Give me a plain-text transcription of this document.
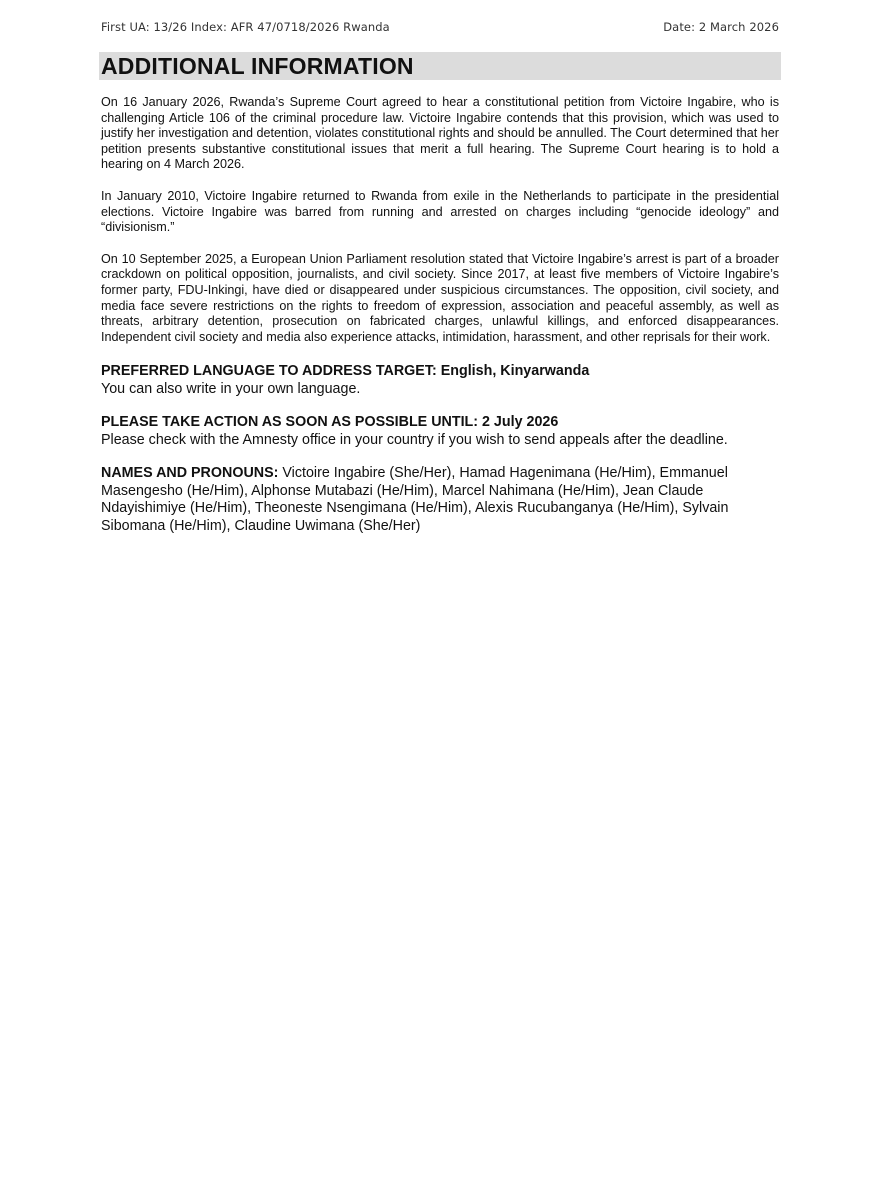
First UA: 13/26 Index: AFR 47/0718/2026 Rwanda	Date: 2 March 2026
ADDITIONAL INFORMATION

On 16 January 2026, Rwanda’s Supreme Court agreed to hear a constitutional petition from Victoire Ingabire, who is challenging Article 106 of the criminal procedure law. Victoire Ingabire contends that this provision, which was used to justify her investigation and detention, violates constitutional rights and should be annulled. The Court determined that her petition presents substantive constitutional issues that merit a full hearing. The Supreme Court hearing is to hold a hearing on 4 March 2026.

In January 2010, Victoire Ingabire returned to Rwanda from exile in the Netherlands to participate in the presidential elections. Victoire Ingabire was barred from running and arrested on charges including “genocide ideology” and “divisionism.”

On 10 September 2025, a European Union Parliament resolution stated that Victoire Ingabire’s arrest is part of a broader crackdown on political opposition, journalists, and civil society. Since 2017, at least five members of Victoire Ingabire’s former party, FDU-Inkingi, have died or disappeared under suspicious circumstances. The opposition, civil society, and media face severe restrictions on the rights to freedom of expression, association and peaceful assembly, as well as threats, arbitrary detention, prosecution on fabricated charges, unlawful killings, and enforced disappearances. Independent civil society and media also experience attacks, intimidation, harassment, and other reprisals for their work.

PREFERRED LANGUAGE TO ADDRESS TARGET: English, Kinyarwanda
You can also write in your own language.
PLEASE TAKE ACTION AS SOON AS POSSIBLE UNTIL: 2 July 2026
Please check with the Amnesty office in your country if you wish to send appeals after the deadline.

NAMES AND PRONOUNS: Victoire Ingabire (She/Her), Hamad Hagenimana (He/Him), Emmanuel Masengesho (He/Him), Alphonse Mutabazi (He/Him), Marcel Nahimana (He/Him), Jean Claude Ndayishimiye (He/Him), Theoneste Nsengimana (He/Him), Alexis Rucubanganya (He/Him), Sylvain Sibomana (He/Him), Claudine Uwimana (She/Her)
